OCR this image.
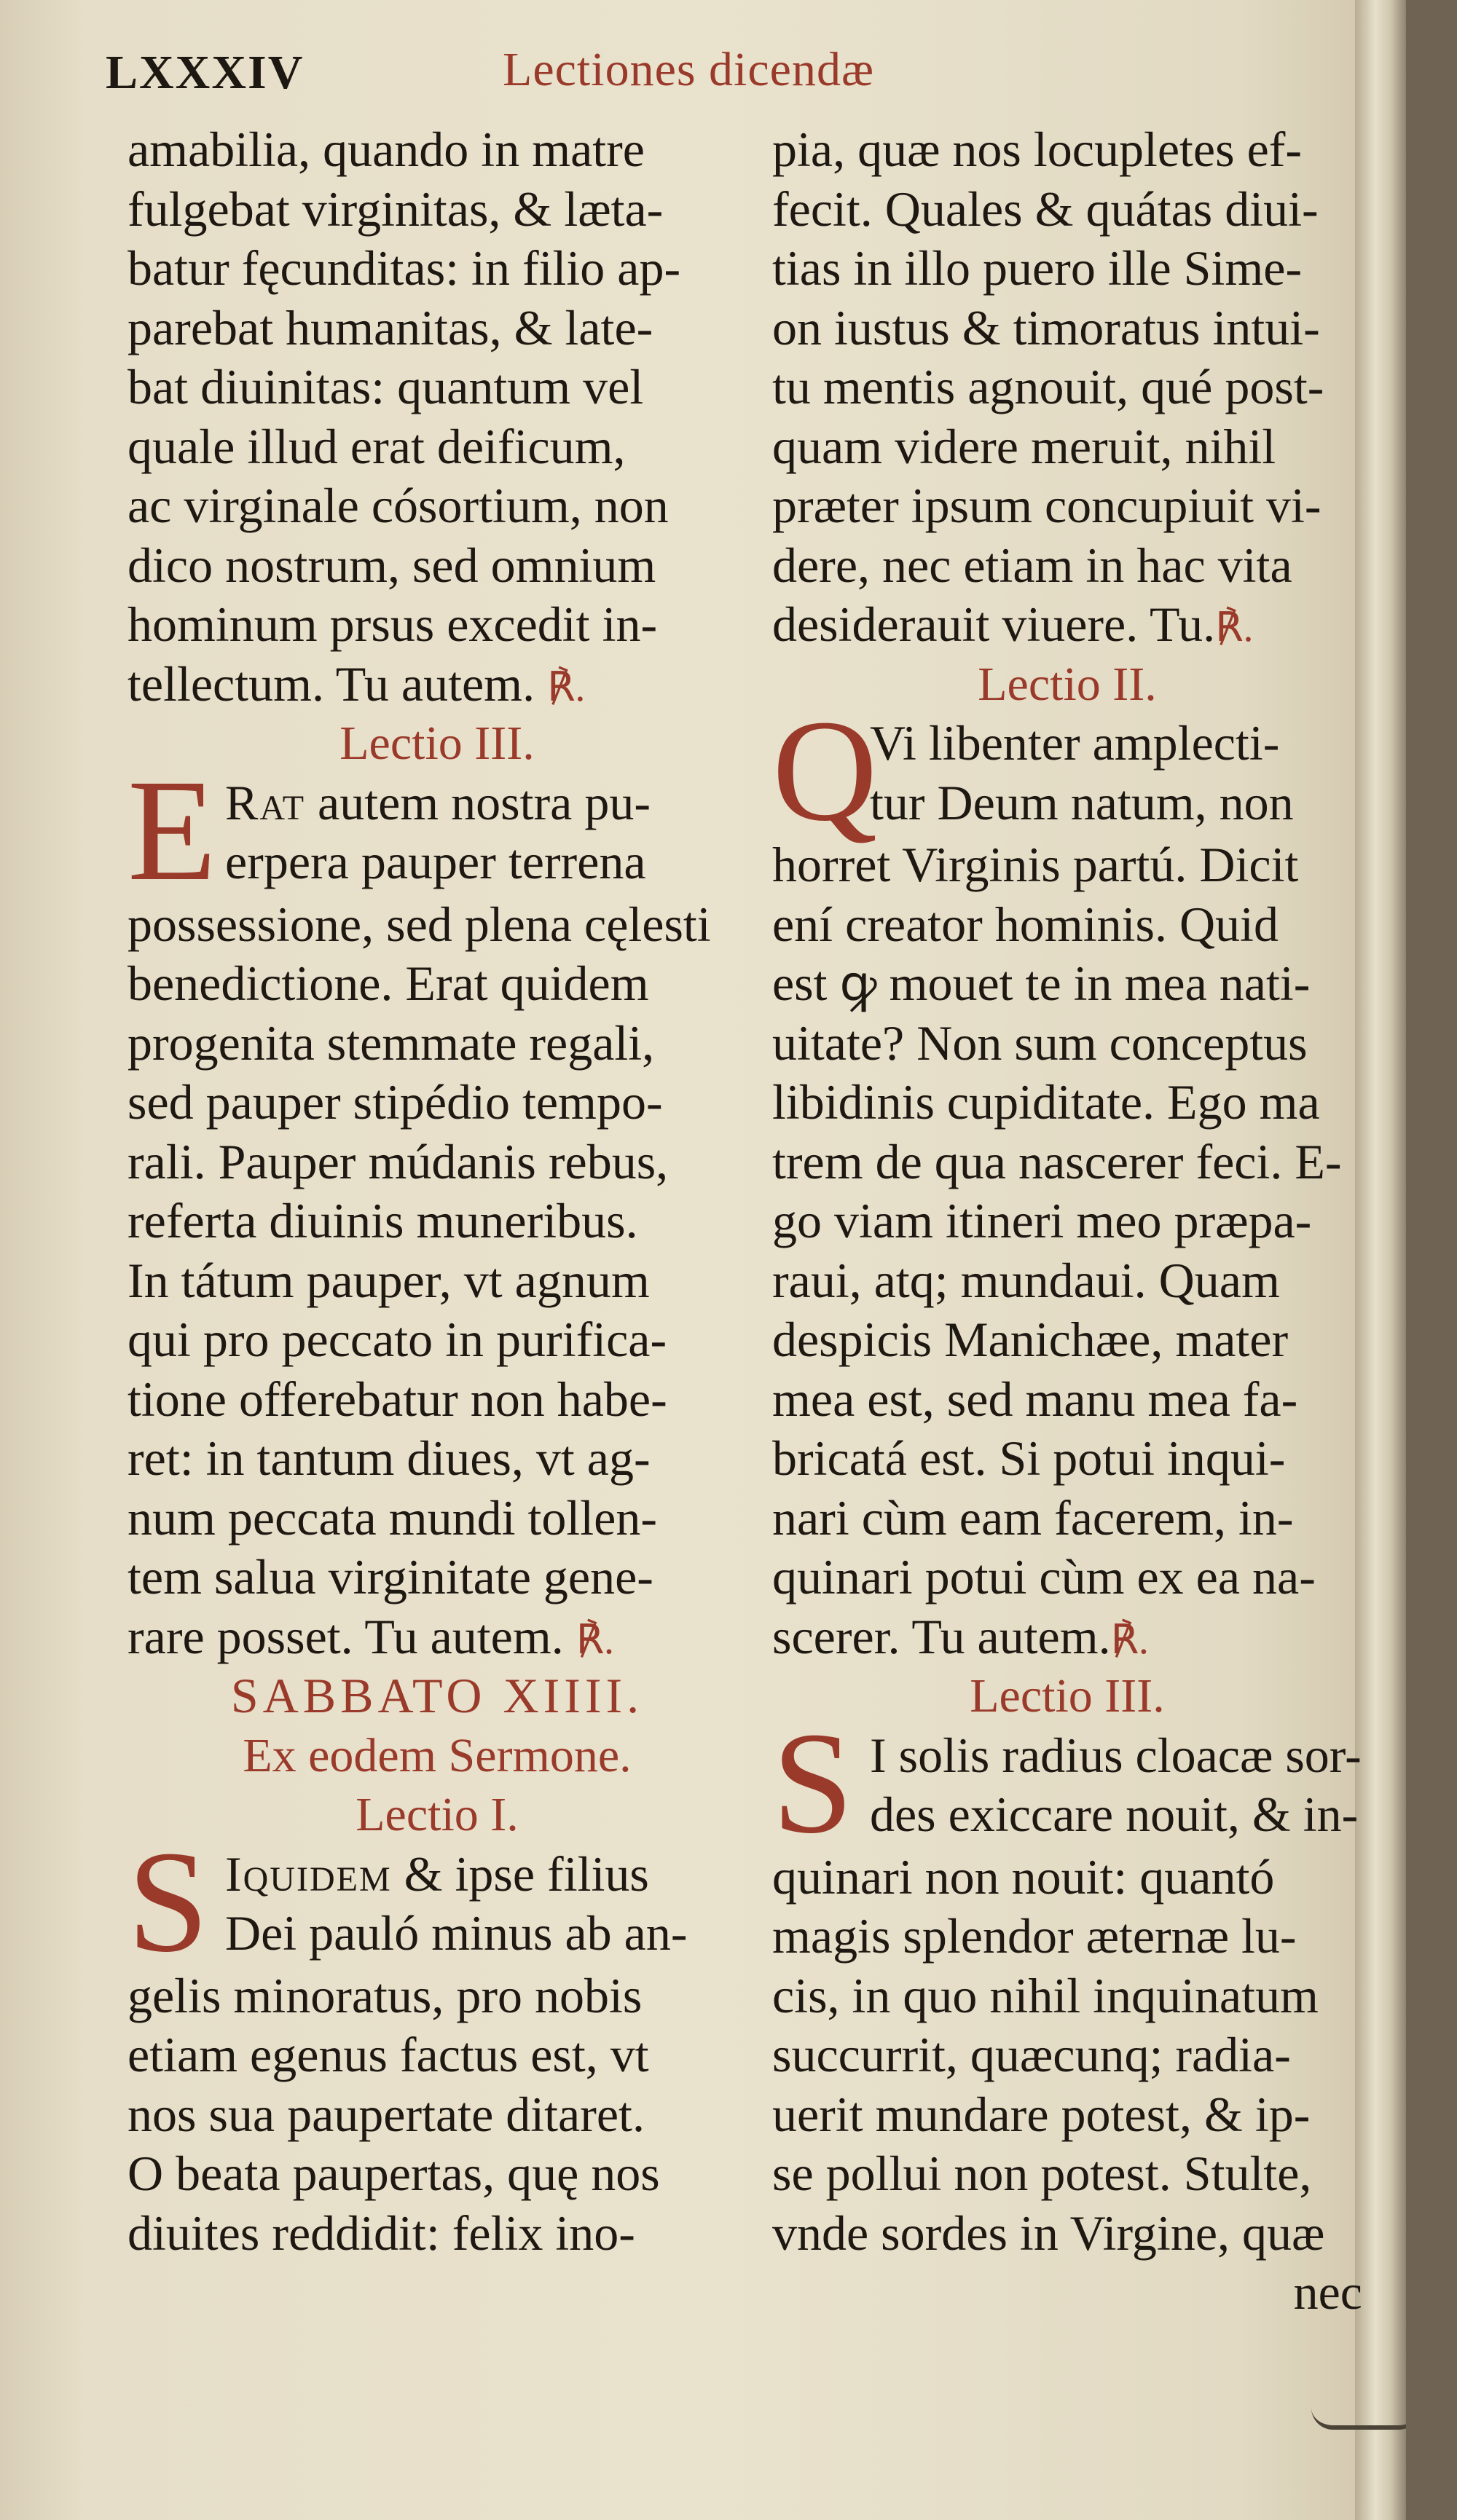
LXXXIV	Lectiones dicendæ
amabilia, quando in matre
fulgebat virginitas, & læta-
batur fęcunditas: in filio ap-
parebat humanitas, & late-
bat diuinitas: quantum vel
quale illud erat deificum,
ac virginale cósortium, non
dico nostrum, sed omnium
hominum prsus excedit in-
tellectum. Tu autem. ℟.
Lectio III.
E Rat autem nostra pu-
erpera pauper terrena
possessione, sed plena cęlesti
benedictione. Erat quidem
progenita stemmate regali,
sed pauper stipédio tempo-
rali. Pauper múdanis rebus,
referta diuinis muneribus.
In tátum pauper, vt agnum
qui pro peccato in purifica-
tione offerebatur non habe-
ret: in tantum diues, vt ag-
num peccata mundi tollen-
tem salua virginitate gene-
rare posset. Tu autem. ℟.
SABBATO XIIII.
Ex eodem Sermone.
Lectio I.
S Iquidem & ipse filius
Dei pauló minus ab an-
gelis minoratus, pro nobis
etiam egenus factus est, vt
nos sua paupertate ditaret.
O beata paupertas, quę nos
diuites reddidit: felix ino-
pia, quæ nos locupletes ef-
fecit. Quales & quátas diui-
tias in illo puero ille Sime-
on iustus & timoratus intui-
tu mentis agnouit, qué post-
quam videre meruit, nihil
præter ipsum concupiuit vi-
dere, nec etiam in hac vita
desiderauit viuere. Tu.℟.
Lectio II.
Q
Vi libenter amplecti-
tur Deum natum, non
horret Virginis partú. Dicit
ení creator hominis. Quid
est ꝙ mouet te in mea nati-
uitate? Non sum conceptus
libidinis cupiditate. Ego ma
trem de qua nascerer feci. E-
go viam itineri meo præpa-
raui, atq; mundaui. Quam
despicis Manichæe, mater
mea est, sed manu mea fa-
bricatá est. Si potui inqui-
nari cùm eam facerem, in-
quinari potui cùm ex ea na-
scerer. Tu autem.℟.
Lectio III.
S I solis radius cloacæ sor-
des exiccare nouit, & in-
quinari non nouit: quantó
magis splendor æternæ lu-
cis, in quo nihil inquinatum
succurrit, quæcunq; radia-
uerit mundare potest, & ip-
se pollui non potest. Stulte,
vnde sordes in Virgine, quæ
nec
